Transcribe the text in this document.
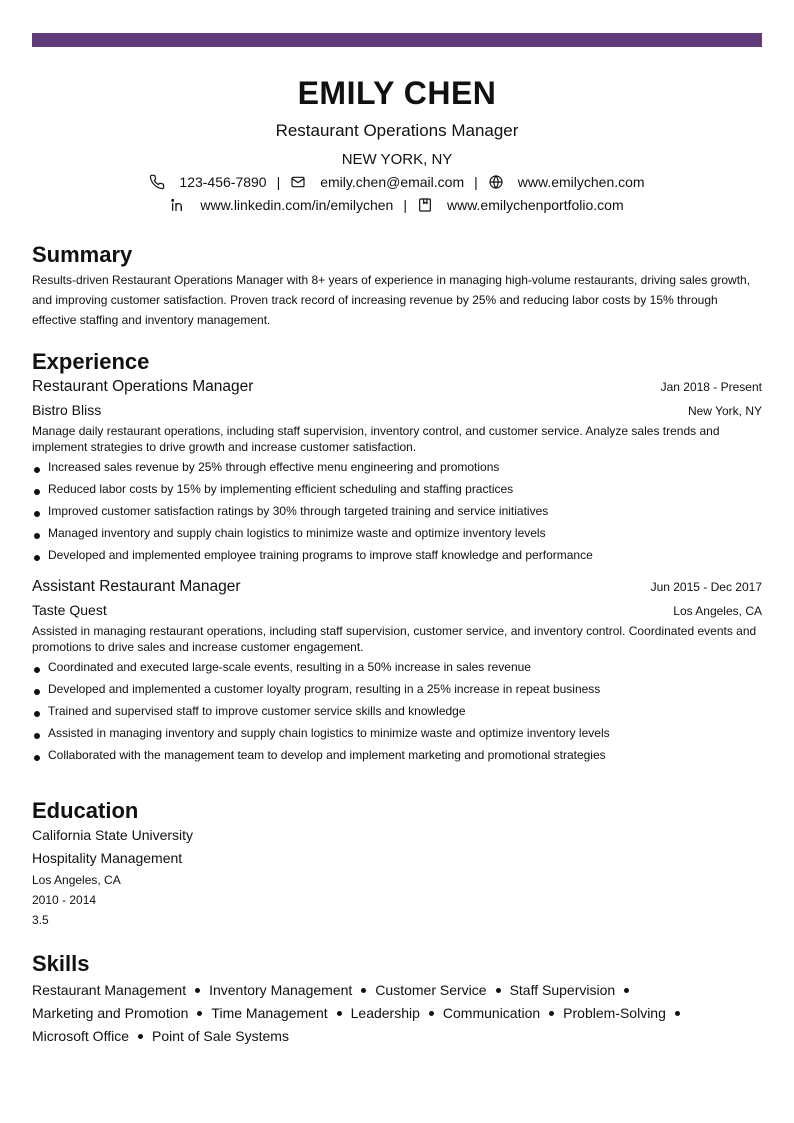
EMILY CHEN
Restaurant Operations Manager
NEW YORK, NY
123-456-7890 |	emily.chen@email.com |	www.emilychen.com
www.linkedin.com/in/emilychen |	www.emilychenportfolio.com
Summary
Results-driven Restaurant Operations Manager with 8+ years of experience in managing high-volume restaurants, driving sales growth, and improving customer satisfaction. Proven track record of increasing revenue by 25% and reducing labor costs by 15% through effective staffing and inventory management.
Experience
Restaurant Operations Manager	Jan 2018 - Present
Bistro Bliss	New York, NY
Manage daily restaurant operations, including staff supervision, inventory control, and customer service. Analyze sales trends and implement strategies to drive growth and increase customer satisfaction.
Increased sales revenue by 25% through effective menu engineering and promotions
Reduced labor costs by 15% by implementing efficient scheduling and staffing practices
Improved customer satisfaction ratings by 30% through targeted training and service initiatives
Managed inventory and supply chain logistics to minimize waste and optimize inventory levels
Developed and implemented employee training programs to improve staff knowledge and performance
Assistant Restaurant Manager	Jun 2015 - Dec 2017
Taste Quest	Los Angeles, CA
Assisted in managing restaurant operations, including staff supervision, customer service, and inventory control. Coordinated events and promotions to drive sales and increase customer engagement.
Coordinated and executed large-scale events, resulting in a 50% increase in sales revenue
Developed and implemented a customer loyalty program, resulting in a 25% increase in repeat business
Trained and supervised staff to improve customer service skills and knowledge
Assisted in managing inventory and supply chain logistics to minimize waste and optimize inventory levels
Collaborated with the management team to develop and implement marketing and promotional strategies
Education
California State University
Hospitality Management
Los Angeles, CA
2010 - 2014
3.5
Skills
Restaurant Management Inventory Management Customer Service Staff Supervision
Marketing and Promotion Time Management Leadership Communication Problem-Solving
Microsoft Office Point of Sale Systems
